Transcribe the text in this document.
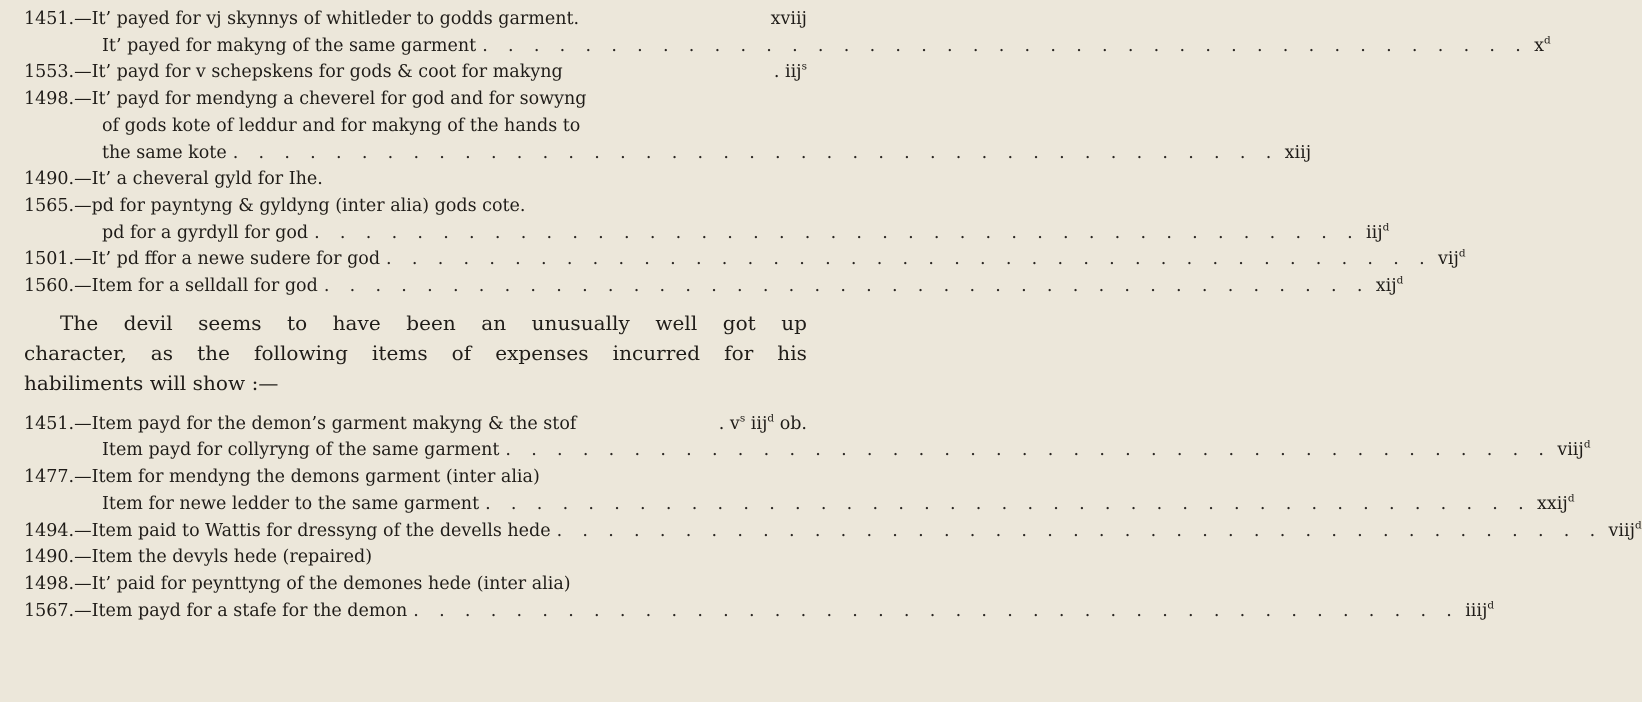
1451.—It’ payed for vj skynnys of whitleder to godds garment.	xviij
It’ payed for makyng of the same garment . . .	$x^d$
1553.—It’ payd for v schepskens for gods & coot for makyng	. iij$^s$
1498.—It’ payd for mendyng a cheverel for god and for sowyng
of gods kote of leddur and for makyng of the hands to
the same kote . . .	xiij
1490.—It’ a cheveral gyld for Ihe.
1565.—pd for payntyng & gyldyng (inter alia) gods cote.
pd for a gyrdyll for god . . .	iij$^d$
1501.—It’ pd ffor a newe sudere for god . . .	vij$^d$
1560.—Item for a selldall for god . . .	xij$^d$
The devil seems to have been an unusually well got up
character, as the following items of expenses incurred for his
habiliments will show :—
1451.—Item payd for the demon’s garment makyng & the stof	. $v^s$ iij$^d$ ob.
Item payd for collyryng of the same garment . . .	viij$^d$
1477.—Item for mendyng the demons garment (inter alia)
Item for newe ledder to the same garment . . .	xxij$^d$
1494.—Item paid to Wattis for dressyng of the devells hede . . .	viij$^d$
1490.—Item the devyls hede (repaired)
1498.—It’ paid for peynttyng of the demones hede (inter alia)
1567.—Item payd for a stafe for the demon . . .	iiij$^d$
